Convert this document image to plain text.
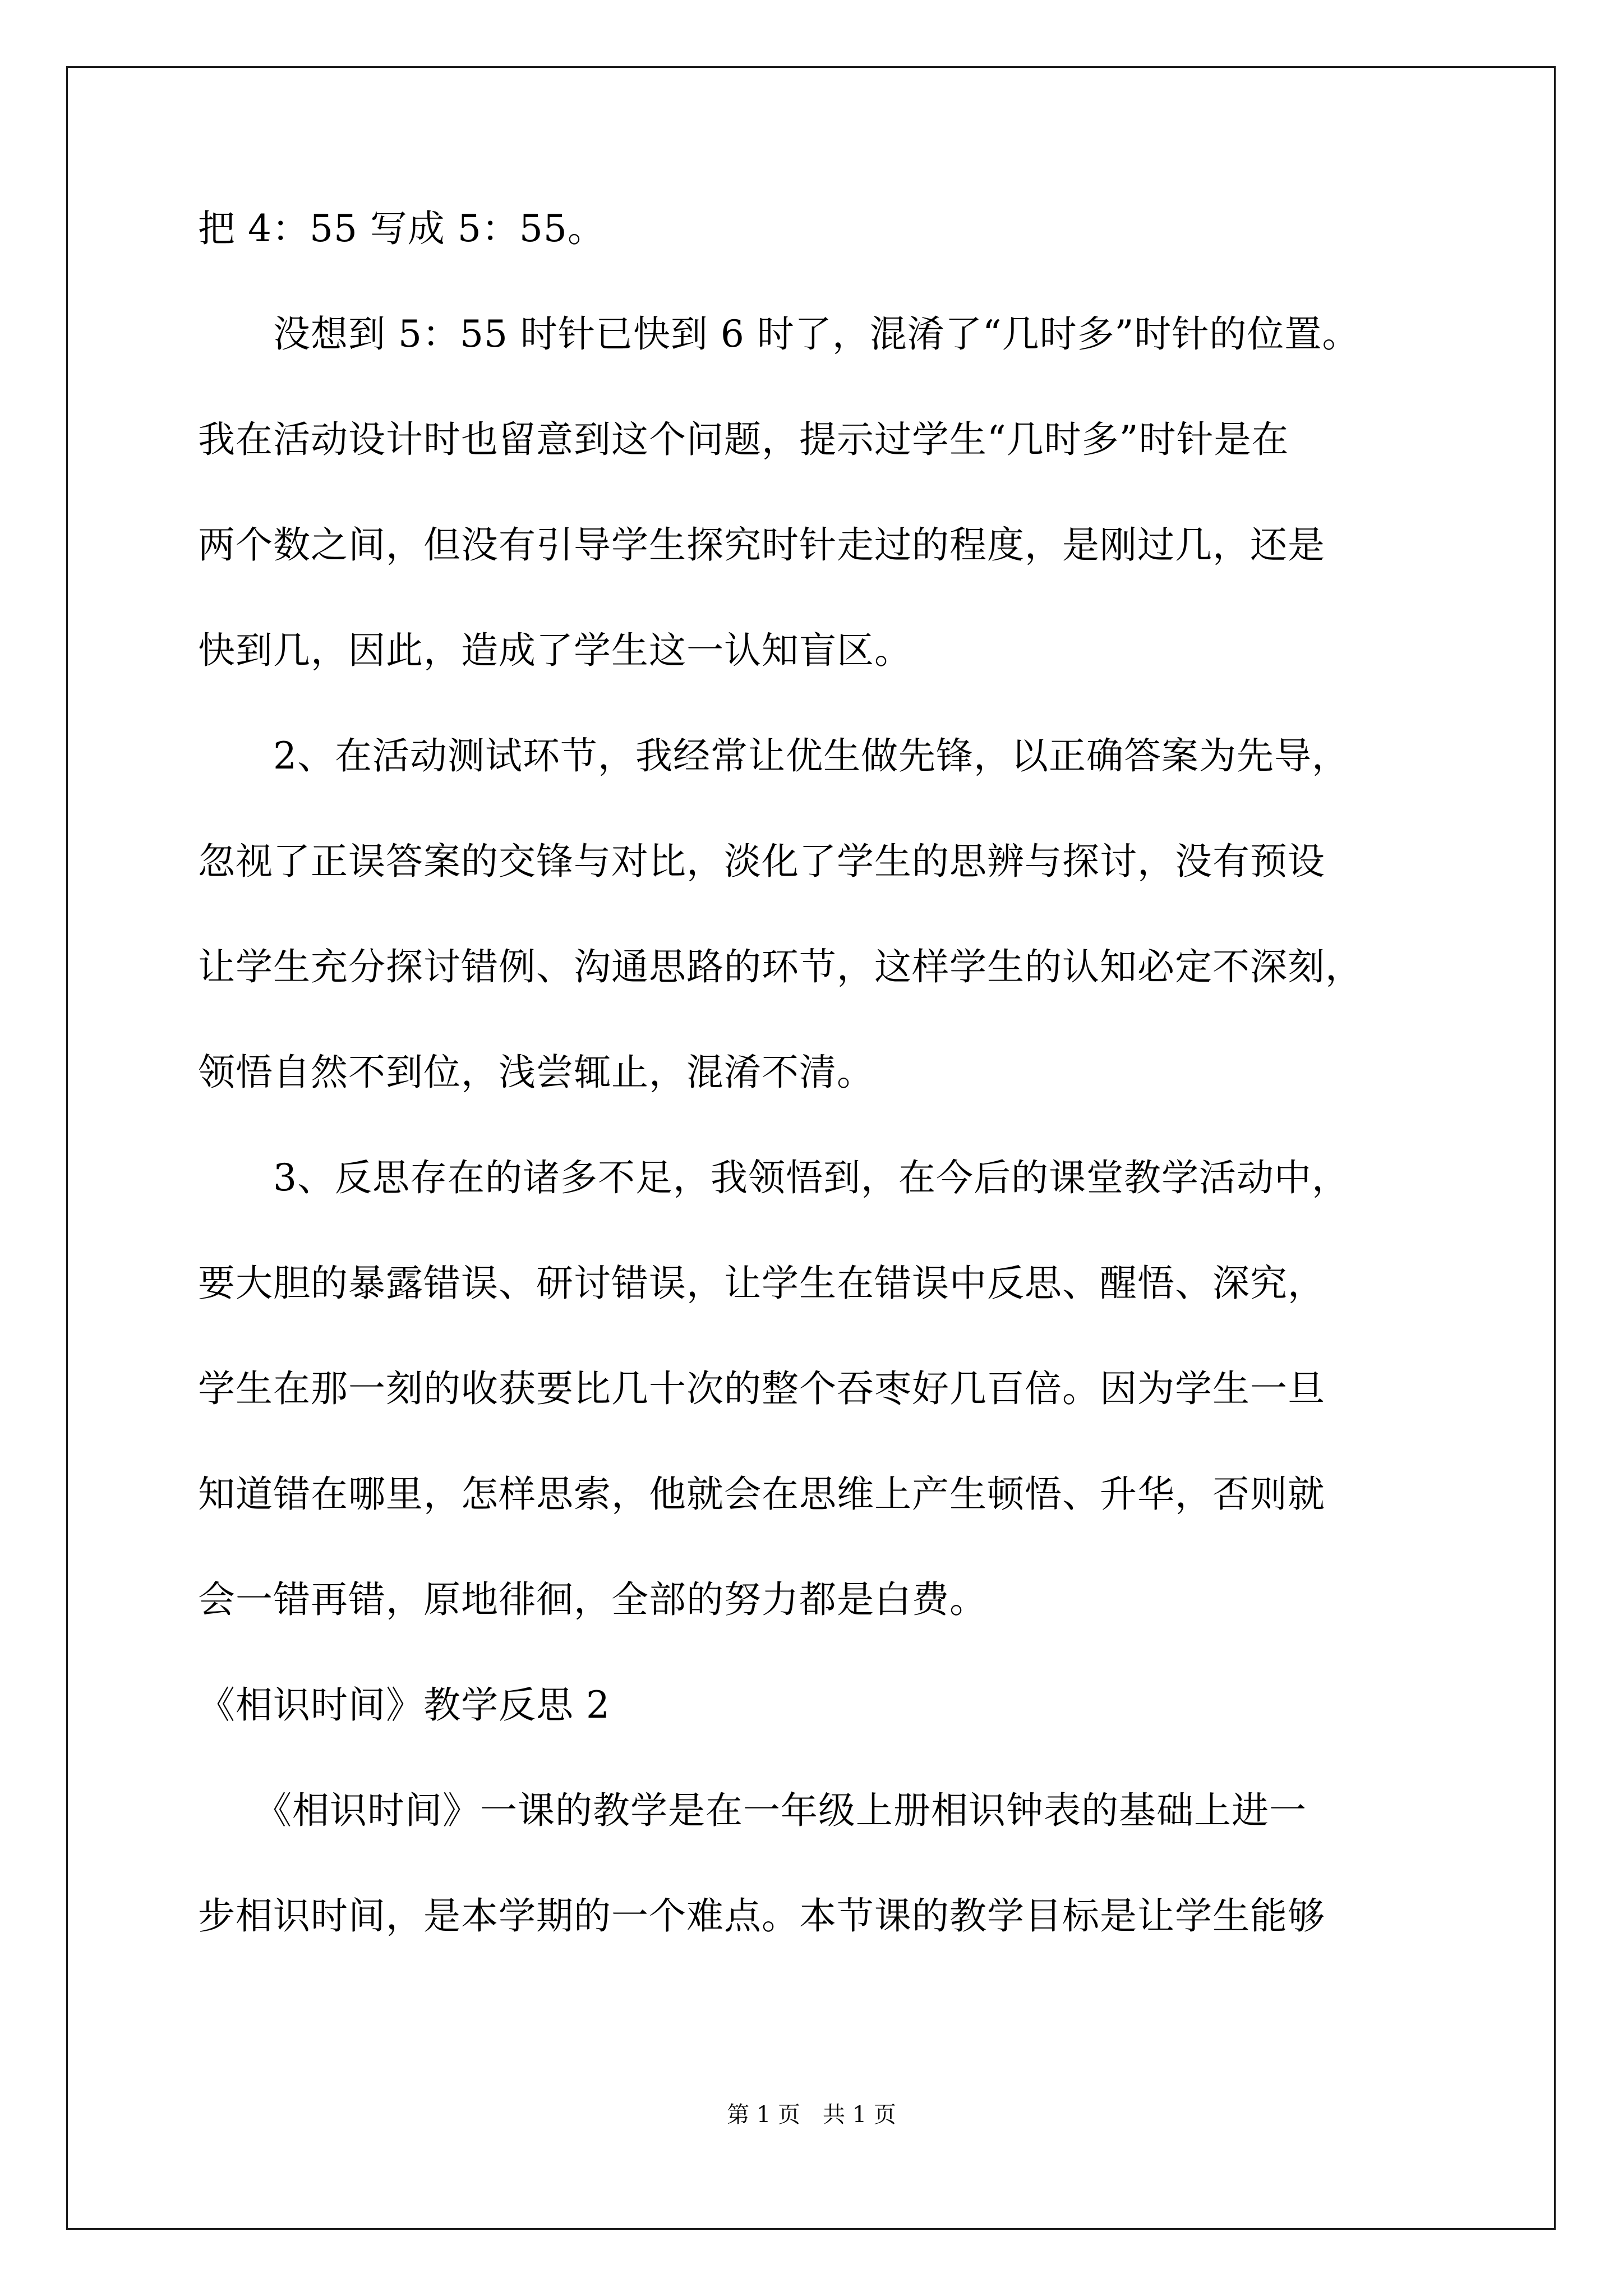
把 4：55 写成 5：55。
　　没想到 5：55 时针已快到 6 时了，混淆了“几时多”时针的位置。
我在活动设计时也留意到这个问题，提示过学生“几时多”时针是在
两个数之间，但没有引导学生探究时针走过的程度，是刚过几，还是
快到几，因此，造成了学生这一认知盲区。
　　2、在活动测试环节，我经常让优生做先锋，以正确答案为先导，
忽视了正误答案的交锋与对比，淡化了学生的思辨与探讨，没有预设
让学生充分探讨错例、沟通思路的环节，这样学生的认知必定不深刻，
领悟自然不到位，浅尝辄止，混淆不清。
　　3、反思存在的诸多不足，我领悟到，在今后的课堂教学活动中，
要大胆的暴露错误、研讨错误，让学生在错误中反思、醒悟、深究，
学生在那一刻的收获要比几十次的整个吞枣好几百倍。因为学生一旦
知道错在哪里，怎样思索，他就会在思维上产生顿悟、升华，否则就
会一错再错，原地徘徊，全部的努力都是白费。
《相识时间》教学反思 2
　　《相识时间》一课的教学是在一年级上册相识钟表的基础上进一
步相识时间，是本学期的一个难点。本节课的教学目标是让学生能够
第 1 页　共 1 页
